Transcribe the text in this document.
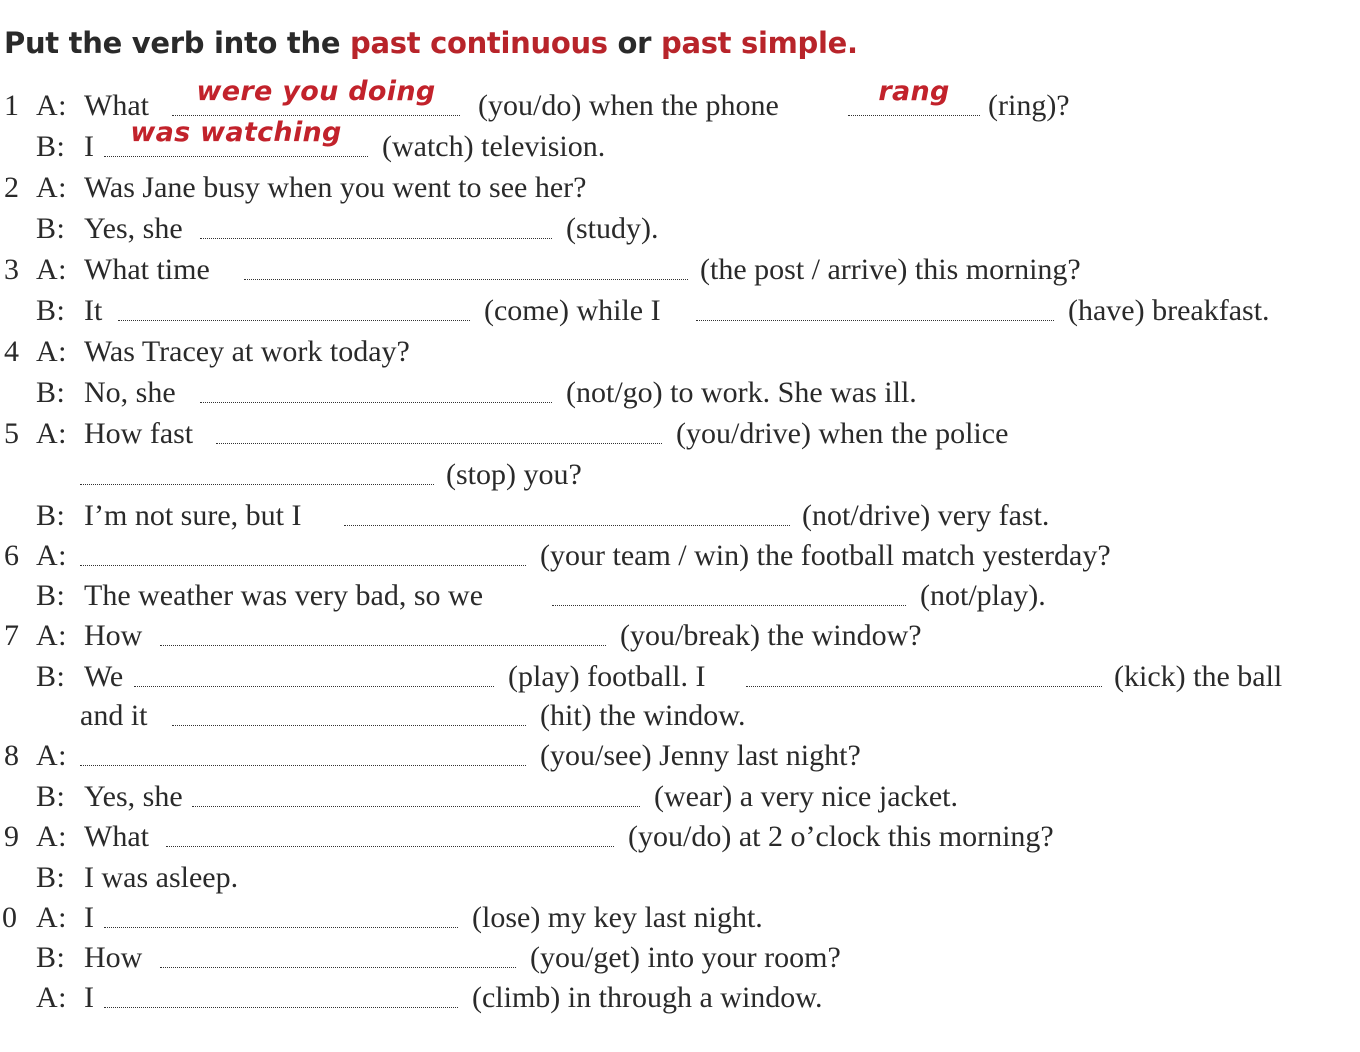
Put the verb into the past continuous or past simple.
1 A: What	were you doing	(you/do) when the phone	rang	(ring)?
B: I	was watching	(watch) television.
2 A: Was Jane busy when you went to see her?
B: Yes, she	(study).
3 A: What time	(the post / arrive) this morning?
B: It	(come) while I	(have) breakfast.
4 A: Was Tracey at work today?
B: No, she	(not/go) to work. She was ill.
5 A: How fast	(you/drive) when the police
(stop) you?
B: I’m not sure, but I	(not/drive) very fast.
6 A:	(your team / win) the football match yesterday?
B: The weather was very bad, so we	(not/play).
7 A: How	(you/break) the window?
B: We	(play) football. I	(kick) the ball
and it	(hit) the window.
8 A:	(you/see) Jenny last night?
B: Yes, she	(wear) a very nice jacket.
9 A: What	(you/do) at 2 o’clock this morning?
B: I was asleep.
0 A: I	(lose) my key last night.
B: How	(you/get) into your room?
A: I	(climb) in through a window.
